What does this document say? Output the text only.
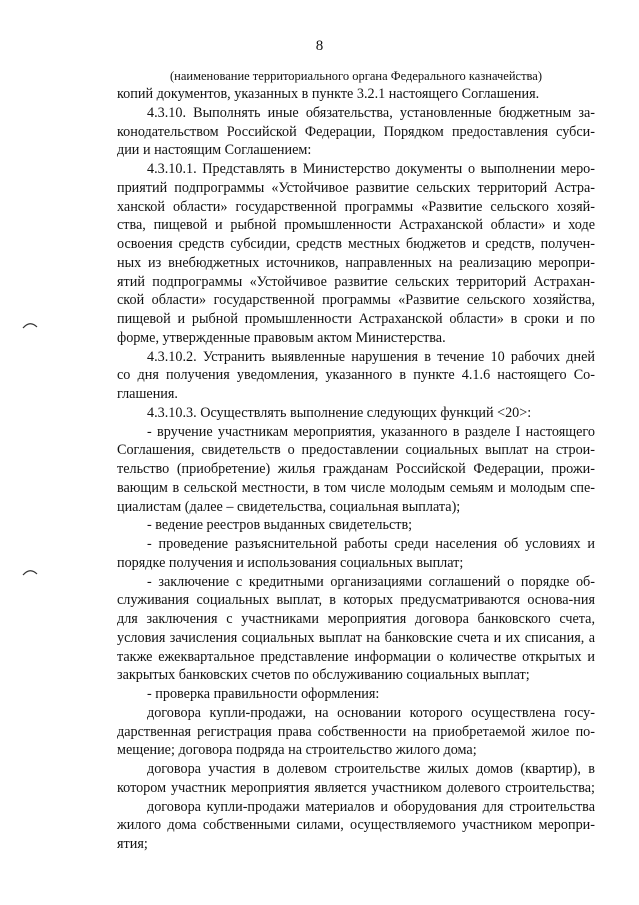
8

(наименование территориального органа Федерального казначейства)

копий документов, указанных в пункте 3.2.1 настоящего Соглашения.
4.3.10. Выполнять иные обязательства, установленные бюджетным за-
конодательством Российской Федерации, Порядком предоставления субси-
дии и настоящим Соглашением:
4.3.10.1. Представлять в Министерство документы о выполнении меро-
приятий подпрограммы «Устойчивое развитие сельских территорий Астра-
ханской области» государственной программы «Развитие сельского хозяй-
ства, пищевой и рыбной промышленности Астраханской области» и ходе
освоения средств субсидии, средств местных бюджетов и средств, получен-
ных из внебюджетных источников, направленных на реализацию меропри-
ятий подпрограммы «Устойчивое развитие сельских территорий Астрахан-
ской области» государственной программы «Развитие сельского хозяйства,
пищевой и рыбной промышленности Астраханской области» в сроки и по
форме, утвержденные правовым актом Министерства.
4.3.10.2. Устранить выявленные нарушения в течение 10 рабочих дней
со дня получения уведомления, указанного в пункте 4.1.6 настоящего Со-
глашения.
4.3.10.3. Осуществлять выполнение следующих функций <20>:
- вручение участникам мероприятия, указанного в разделе I настоящего
Соглашения, свидетельств о предоставлении социальных выплат на строи-
тельство (приобретение) жилья гражданам Российской Федерации, прожи-
вающим в сельской местности, в том числе молодым семьям и молодым спе-
циалистам (далее – свидетельства, социальная выплата);
- ведение реестров выданных свидетельств;
- проведение разъяснительной работы среди населения об условиях и
порядке получения и использования социальных выплат;
- заключение с кредитными организациями соглашений о порядке об-
служивания социальных выплат, в которых предусматриваются основа-ния
для заключения с участниками мероприятия договора банковского счета,
условия зачисления социальных выплат на банковские счета и их списания, а
также ежеквартальное представление информации о количестве открытых и
закрытых банковских счетов по обслуживанию социальных выплат;
- проверка правильности оформления:
договора купли-продажи, на основании которого осуществлена госу-
дарственная регистрация права собственности на приобретаемой жилое по-
мещение; договора подряда на строительство жилого дома;
договора участия в долевом строительстве жилых домов (квартир), в
котором участник мероприятия является участником долевого строительства;
договора купли-продажи материалов и оборудования для строительства
жилого дома собственными силами, осуществляемого участником меропри-
ятия;
